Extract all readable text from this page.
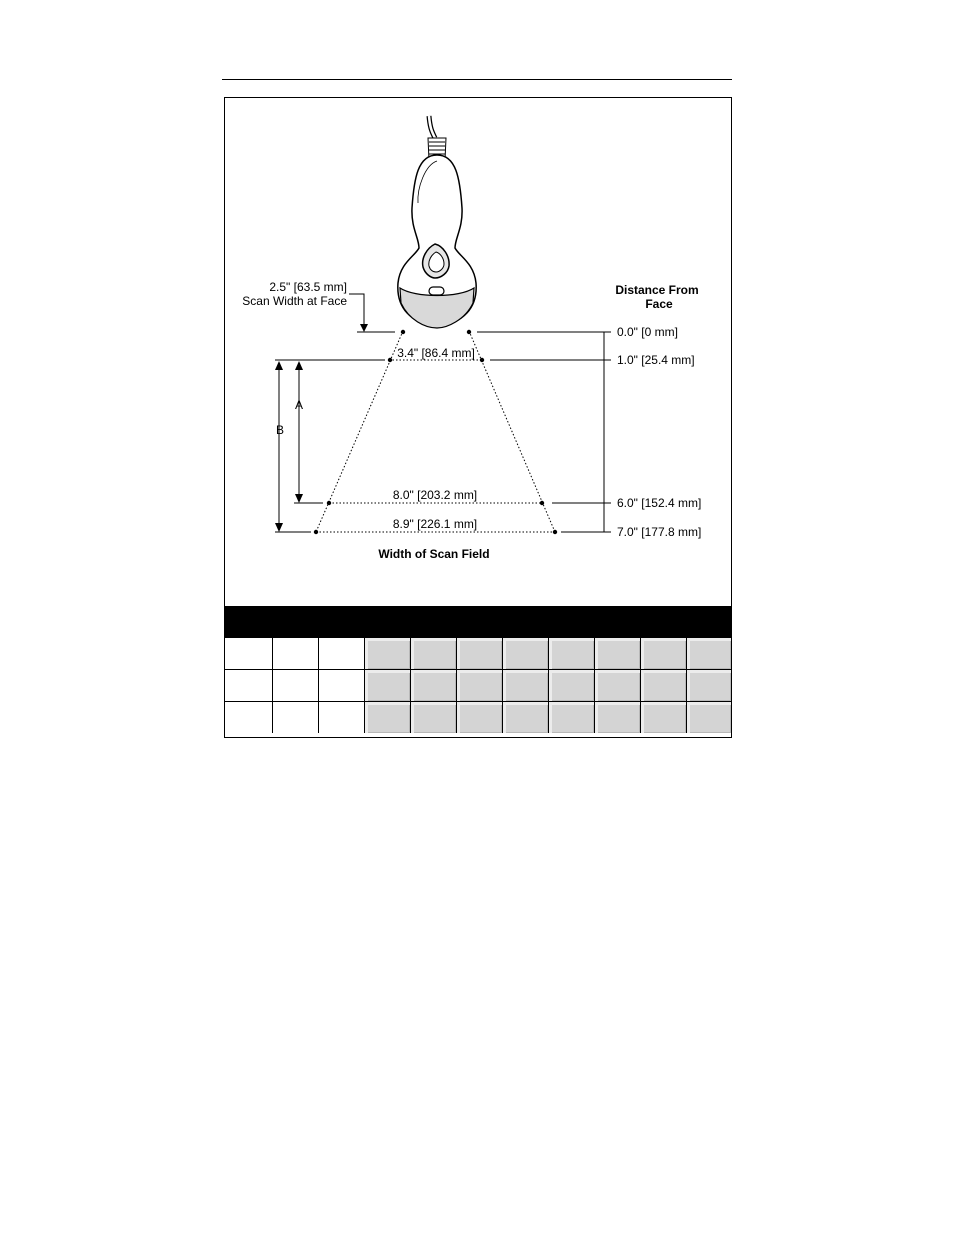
2.5" [63.5 mm]
Scan Width at Face
Distance From
Face
0.0" [0 mm]
1.0" [25.4 mm]
6.0" [152.4 mm]
7.0" [177.8 mm]
3.4" [86.4 mm]
8.0" [203.2 mm]
8.9" [226.1 mm]
A
B
Width of Scan Field
